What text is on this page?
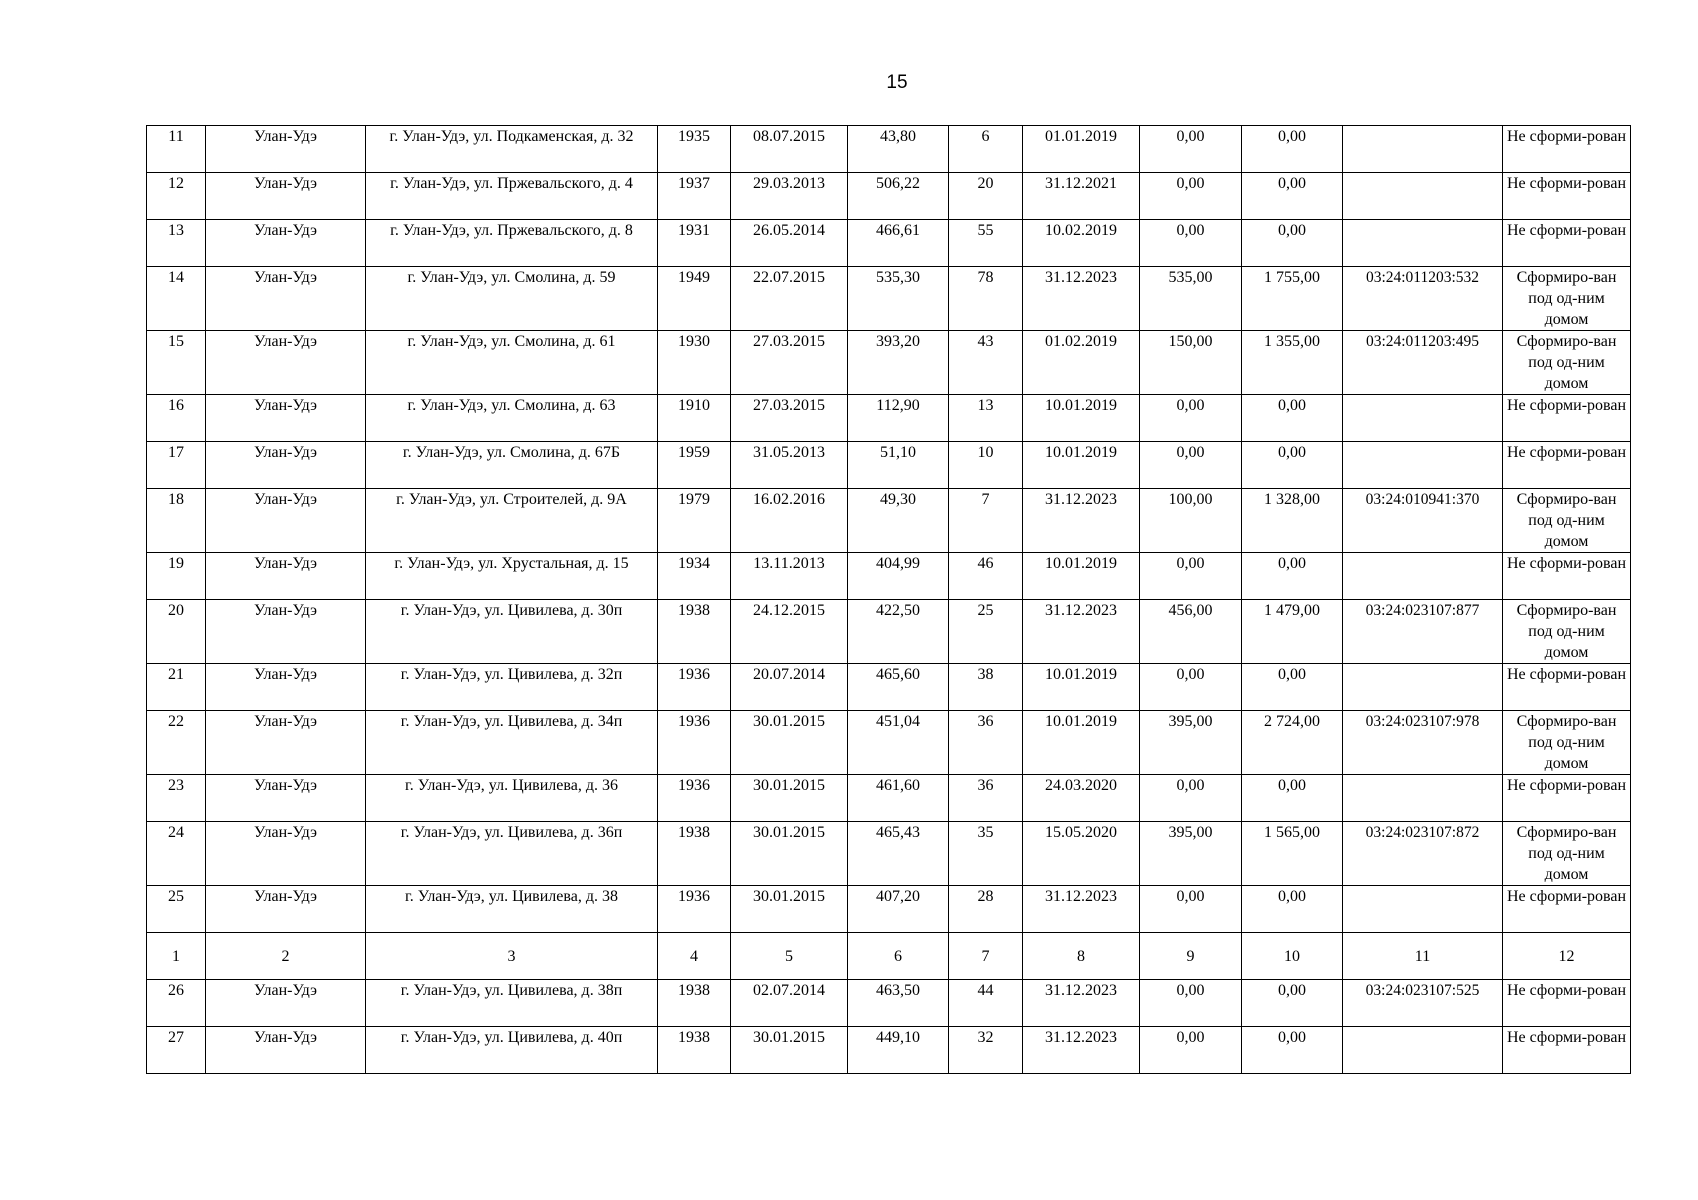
15
11	Улан-Удэ	г. Улан-Удэ, ул. Подкаменская, д. 32	1935	08.07.2015	43,80	6	01.01.2019	0,00	0,00		Не сформи-рован
12	Улан-Удэ	г. Улан-Удэ, ул. Пржевальского, д. 4	1937	29.03.2013	506,22	20	31.12.2021	0,00	0,00		Не сформи-рован
13	Улан-Удэ	г. Улан-Удэ, ул. Пржевальского, д. 8	1931	26.05.2014	466,61	55	10.02.2019	0,00	0,00		Не сформи-рован
14	Улан-Удэ	г. Улан-Удэ, ул. Смолина, д. 59	1949	22.07.2015	535,30	78	31.12.2023	535,00	1 755,00	03:24:011203:532	Сформиро-ван под од-ним домом
15	Улан-Удэ	г. Улан-Удэ, ул. Смолина, д. 61	1930	27.03.2015	393,20	43	01.02.2019	150,00	1 355,00	03:24:011203:495	Сформиро-ван под од-ним домом
16	Улан-Удэ	г. Улан-Удэ, ул. Смолина, д. 63	1910	27.03.2015	112,90	13	10.01.2019	0,00	0,00		Не сформи-рован
17	Улан-Удэ	г. Улан-Удэ, ул. Смолина, д. 67Б	1959	31.05.2013	51,10	10	10.01.2019	0,00	0,00		Не сформи-рован
18	Улан-Удэ	г. Улан-Удэ, ул. Строителей, д. 9А	1979	16.02.2016	49,30	7	31.12.2023	100,00	1 328,00	03:24:010941:370	Сформиро-ван под од-ним домом
19	Улан-Удэ	г. Улан-Удэ, ул. Хрустальная, д. 15	1934	13.11.2013	404,99	46	10.01.2019	0,00	0,00		Не сформи-рован
20	Улан-Удэ	г. Улан-Удэ, ул. Цивилева, д. 30п	1938	24.12.2015	422,50	25	31.12.2023	456,00	1 479,00	03:24:023107:877	Сформиро-ван под од-ним домом
21	Улан-Удэ	г. Улан-Удэ, ул. Цивилева, д. 32п	1936	20.07.2014	465,60	38	10.01.2019	0,00	0,00		Не сформи-рован
22	Улан-Удэ	г. Улан-Удэ, ул. Цивилева, д. 34п	1936	30.01.2015	451,04	36	10.01.2019	395,00	2 724,00	03:24:023107:978	Сформиро-ван под од-ним домом
23	Улан-Удэ	г. Улан-Удэ, ул. Цивилева, д. 36	1936	30.01.2015	461,60	36	24.03.2020	0,00	0,00		Не сформи-рован
24	Улан-Удэ	г. Улан-Удэ, ул. Цивилева, д. 36п	1938	30.01.2015	465,43	35	15.05.2020	395,00	1 565,00	03:24:023107:872	Сформиро-ван под од-ним домом
25	Улан-Удэ	г. Улан-Удэ, ул. Цивилева, д. 38	1936	30.01.2015	407,20	28	31.12.2023	0,00	0,00		Не сформи-рован
1	2	3	4	5	6	7	8	9	10	11	12
26	Улан-Удэ	г. Улан-Удэ, ул. Цивилева, д. 38п	1938	02.07.2014	463,50	44	31.12.2023	0,00	0,00	03:24:023107:525	Не сформи-рован
27	Улан-Удэ	г. Улан-Удэ, ул. Цивилева, д. 40п	1938	30.01.2015	449,10	32	31.12.2023	0,00	0,00		Не сформи-рован
